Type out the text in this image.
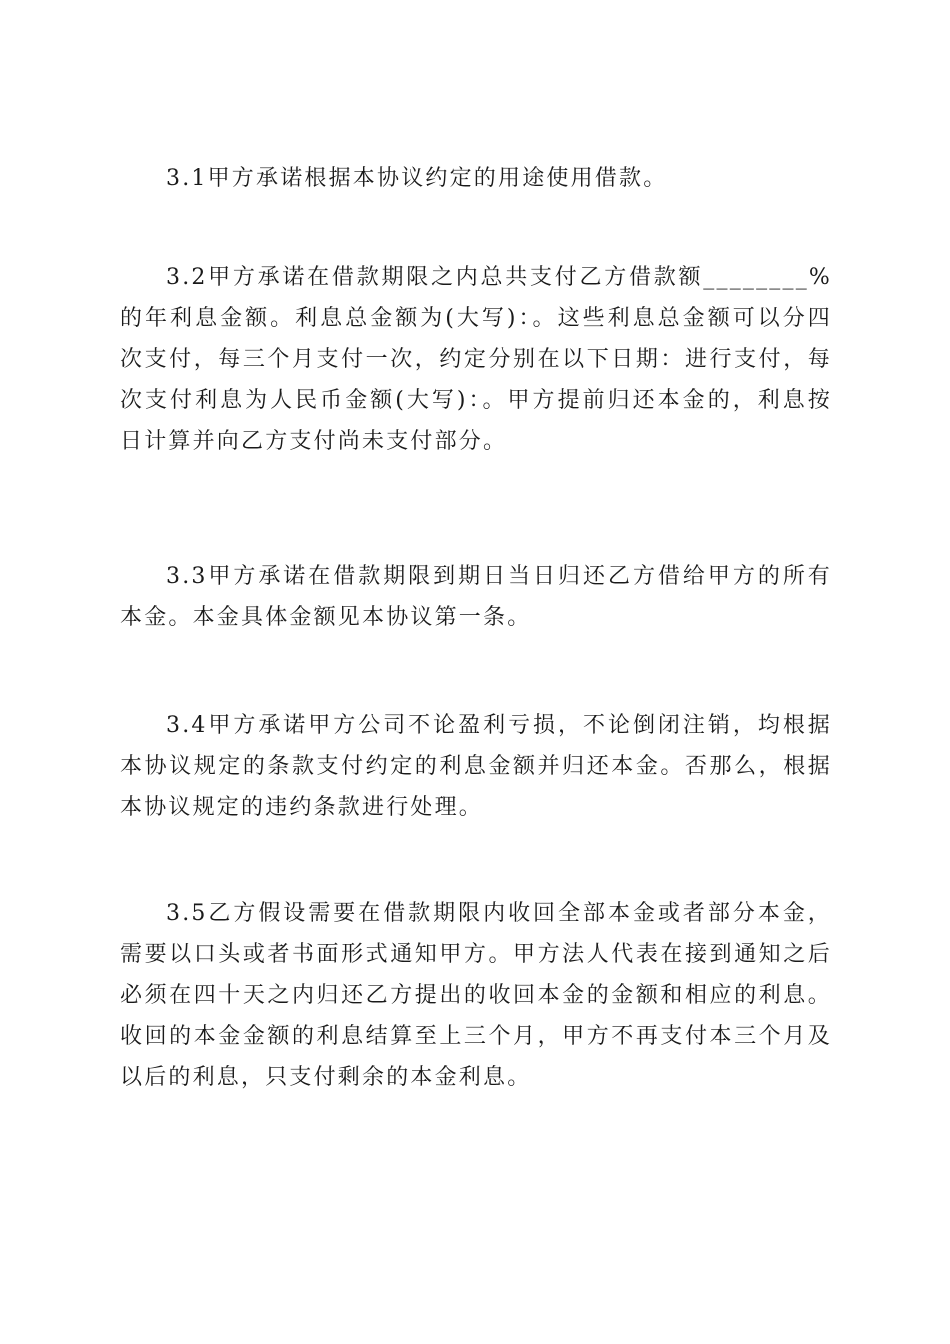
3.1甲方承诺根据本协议约定的用途使用借款。

3.2甲方承诺在借款期限之内总共支付乙方借款额________%的年利息金额。利息总金额为(大写)：。这些利息总金额可以分四次支付，每三个月支付一次，约定分别在以下日期：进行支付，每次支付利息为人民币金额(大写)：。甲方提前归还本金的，利息按日计算并向乙方支付尚未支付部分。

3.3甲方承诺在借款期限到期日当日归还乙方借给甲方的所有本金。本金具体金额见本协议第一条。

3.4甲方承诺甲方公司不论盈利亏损，不论倒闭注销，均根据本协议规定的条款支付约定的利息金额并归还本金。否那么，根据本协议规定的违约条款进行处理。

3.5乙方假设需要在借款期限内收回全部本金或者部分本金，需要以口头或者书面形式通知甲方。甲方法人代表在接到通知之后必须在四十天之内归还乙方提出的收回本金的金额和相应的利息。收回的本金金额的利息结算至上三个月，甲方不再支付本三个月及以后的利息，只支付剩余的本金利息。
